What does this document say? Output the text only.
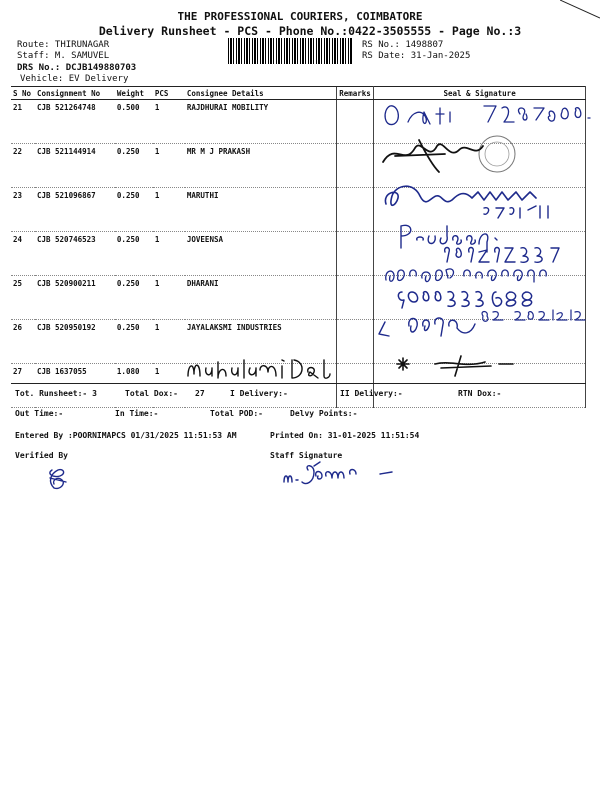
THE PROFESSIONAL COURIERS, COIMBATORE
Delivery Runsheet - PCS - Phone No.:0422-3505555 - Page No.:3
Route: THIRUNAGAR
Staff: M. SAMUVEL
DRS No.: DCJB149880703
Vehicle: EV Delivery
RS No.: 1498807
RS Date: 31-Jan-2025
S No	Consignment No	Weight	PCS	Consignee Details	Remarks	Seal & Signature
21	CJB 521264748	0.500	1	RAJDHURAI MOBILITY		
22	CJB 521144914	0.250	1	MR M J PRAKASH		
23	CJB 521096867	0.250	1	MARUTHI		
24	CJB 520746523	0.250	1	JOVEENSA		
25	CJB 520900211	0.250	1	DHARANI		
26	CJB 520950192	0.250	1	JAYALAKSMI INDUSTRIES		
27	CJB 1637055	1.080	1			
Tot. Runsheet:- 3	Total Dox:- 27	I Delivery:-	II Delivery:-	RTN Dox:-
Out Time:-	In Time:-	Total POD:-	Delvy Points:-
Entered By :POORNIMAPCS 01/31/2025 11:51:53 AM	Printed On: 31-01-2025 11:51:54
Verified By	Staff Signature
